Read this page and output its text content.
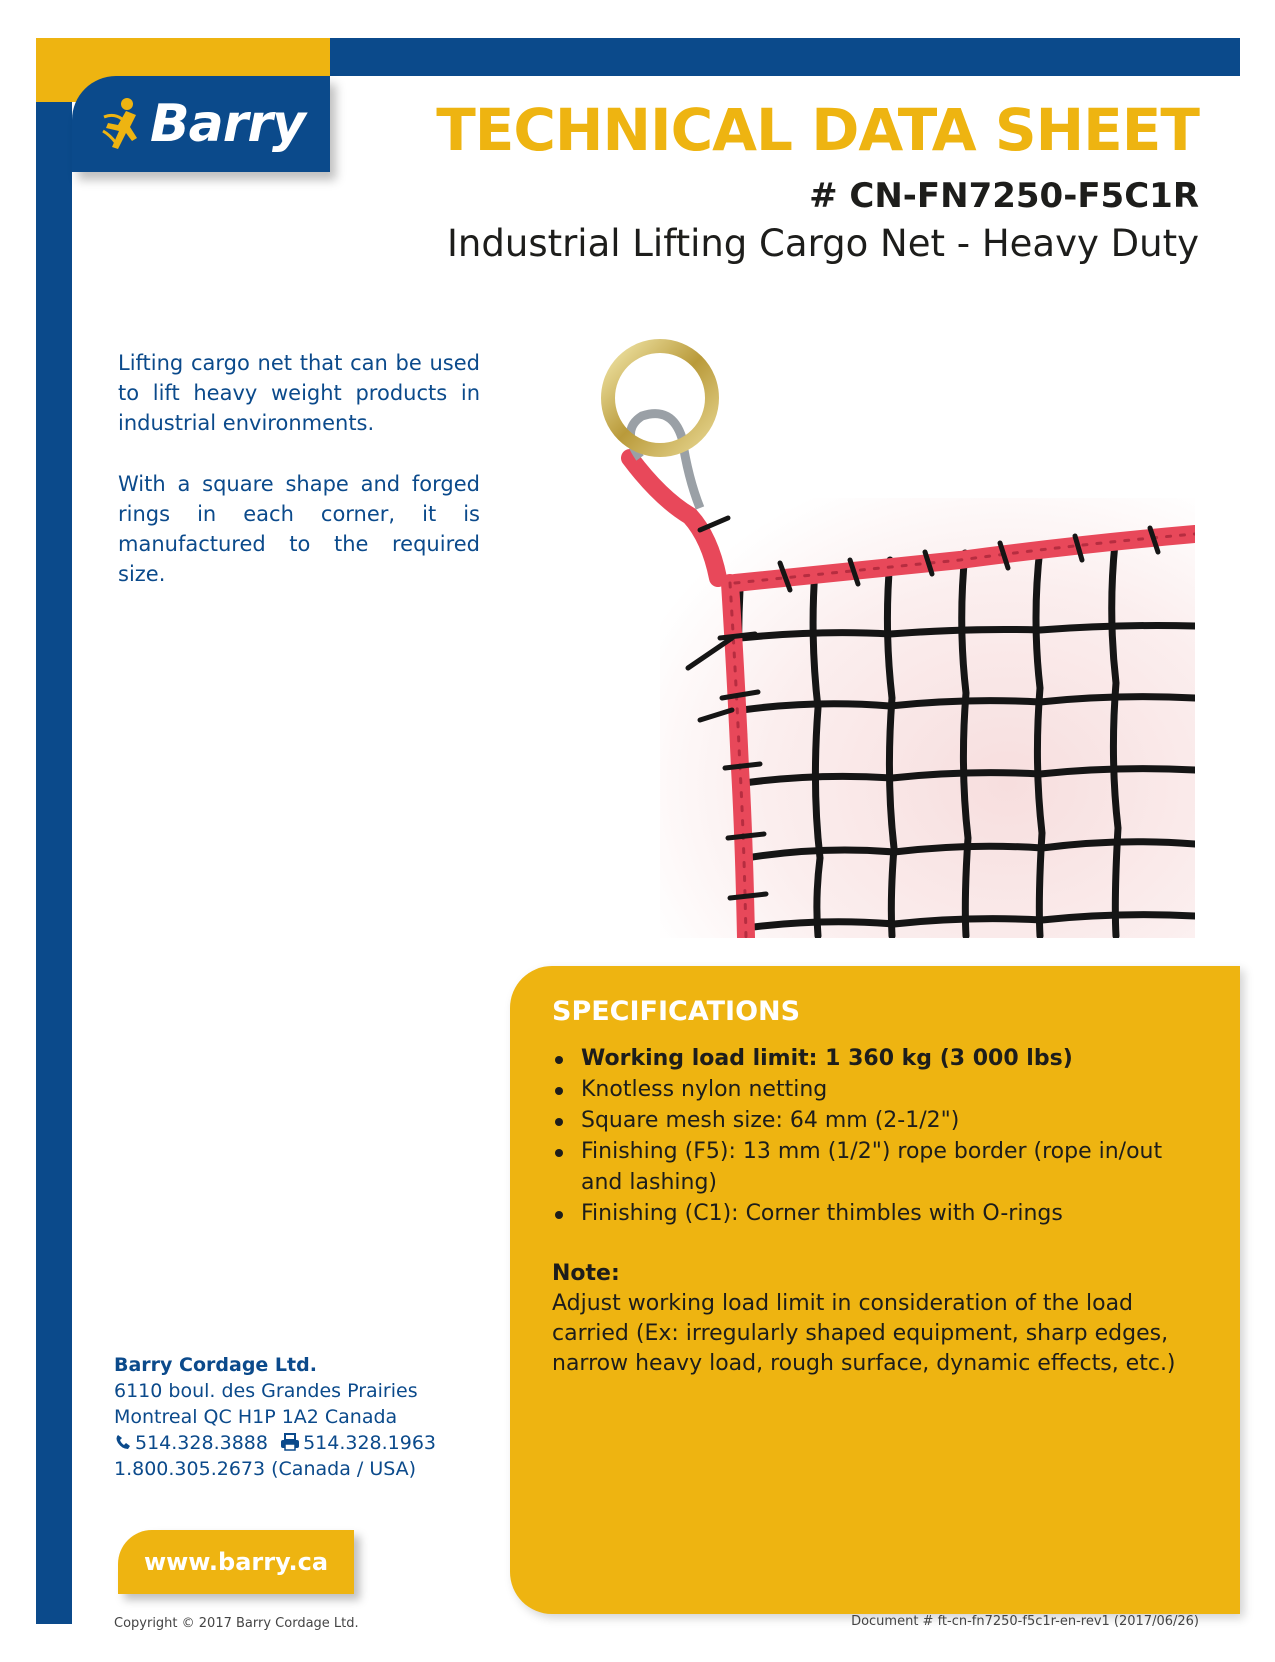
Barry TECHNICAL DATA SHEET
# CN-FN7250-F5C1R
Industrial Lifting Cargo Net - Heavy Duty

Lifting cargo net that can be used to lift heavy weight products in industrial environments.

With a square shape and forged rings in each corner, it is manufactured to the required size.

SPECIFICATIONS
Working load limit: 1 360 kg (3 000 lbs)
Knotless nylon netting
Square mesh size: 64 mm (2-1/2")
Finishing (F5): 13 mm (1/2") rope border (rope in/out and lashing)
Finishing (C1): Corner thimbles with O-rings
Note:
Adjust working load limit in consideration of the load carried (Ex: irregularly shaped equipment, sharp edges, narrow heavy load, rough surface, dynamic effects, etc.)
Barry Cordage Ltd.
6110 boul. des Grandes Prairies
Montreal QC H1P 1A2 Canada
514.328.3888 514.328.1963
1.800.305.2673 (Canada / USA)
www.barry.ca
Copyright © 2017 Barry Cordage Ltd.	Document # ft-cn-fn7250-f5c1r-en-rev1 (2017/06/26)
